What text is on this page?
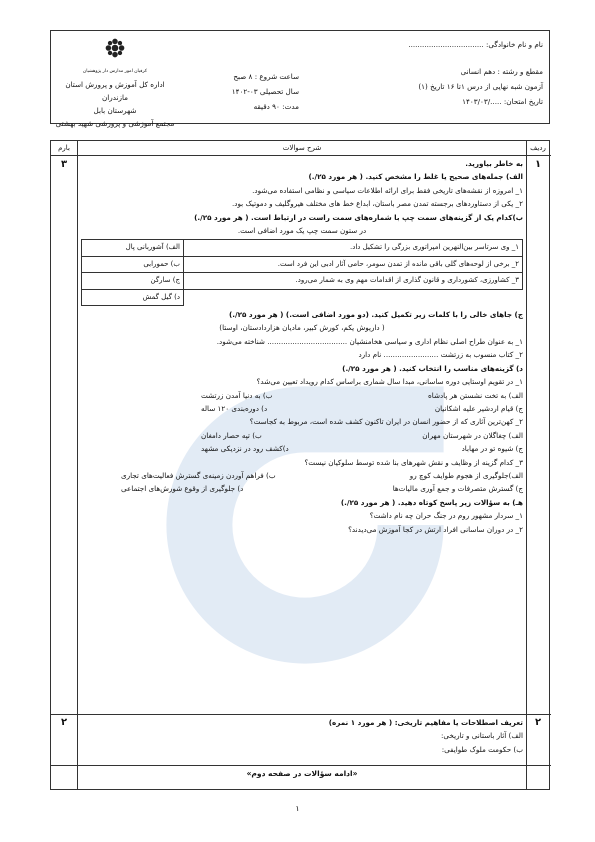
نام و نام خانوادگی: .................................
مقطع و رشته : دهم انسانی
آزمون شبه نهایی از درس ۱تا ۱۶ تاریخ (۱)
تاریخ امتحان: ...../۱۴۰۳/۰۳
ساعت شروع : ۸ صبح
سال تحصیلی ۰۳-۱۴۰۲
مدت: ۹۰ دقیقه
کرفیان امور مدارس دار پژوهشیان
اداره کل آموزش و پرورش استان مازندران
شهرستان بابل
مجتمع آموزشی و پرورشی شهید بهشتی
ردیف
شرح سوالات
بارم
۱
۳	به خاطر بیاورید.
الف) جمله‌های صحیح یا غلط را مشخص کنید. ( هر مورد ۲۵/.)
۱_ امروزه از نقشه‌های تاریخی فقط برای ارائه اطلاعات سیاسی و نظامی استفاده می‌شود.
۲_ یکی از دستاوردهای برجسته تمدن مصر باستان، ابداع خط های مختلف هیروگلیف و دموتیک بود.
ب)کدام یک از گزینه‌های سمت چپ با شماره‌های سمت راست در ارتباط است. ( هر مورد ۲۵/.)
در ستون سمت چپ یک مورد اضافی است.
۱_ وی سرتاسر بین‌النهرین امپراتوری بزرگی را تشکیل داد.	الف) آشوربانی پال
۲_ برخی از لوحه‌های گلی باقی مانده از تمدن سومر، حامی آثار ادبی این فرد است.	ب) حمورابی
۳_ کشاورزی، کشورداری و قانون گذاری از اقدامات مهم وی به شمار می‌رود.	ج) سارگن
	د) گیل گمش
ج) جاهای خالی را با کلمات زیر تکمیل کنید. (دو مورد اضافی است.) ( هر مورد ۲۵/.)
( داریوش یکم، کورش کبیر، مادیان هزاردادستان، اوستا)
۱_ به عنوان طراح اصلی نظام اداری و سیاسی هخامنشیان ................................... شناخته می‌شود.
۲_ کتاب منسوب به زرتشت ........................ نام دارد
د) گزینه‌های مناسب را انتخاب کنید. ( هر مورد ۲۵/.)
۱_ در تقویم اوستایی دوره ساسانی، مبدا سال شماری براساس کدام رویداد تعیین می‌شد؟
الف) به تخت نشستن هر پادشاه
ب) به دنیا آمدن زرتشت
ج) قیام اردشیر علیه اشکانیان
د) دوره‌بندی ۱۲۰ ساله
۲_ کهن‌ترین آثاری که از حضور انسان در ایران تاکنون کشف شده است، مربوط به کجاست؟
الف) چغاگلان در شهرستان مهران
ب) تپه حصار دامغان
ج) شیوه تو در مهاباد
د)کشف رود در نزدیکی مشهد
۳_ کدام گزینه از وظایف و نقش شهرهای بنا شده توسط سلوکیان نیست؟
الف)جلوگیری از هجوم طوایف کوچ رو
ب) فراهم آوردن زمینه‌ی گسترش فعالیت‌های تجاری
ج) گسترش متصرفات و جمع آوری مالیات‌ها
د) جلوگیری از وقوع شورش‌های اجتماعی
هـ) به سؤالات زیر پاسخ کوتاه دهید. ( هر مورد ۲۵/.)
۱_ سردار مشهور روم در جنگ حران چه نام داشت؟
۲_ در دوران ساسانی افراد ارتش در کجا آموزش می‌دیدند؟
۲
۲	تعریف اصطلاحات یا مفاهیم تاریخی: ( هر مورد ۱ نمره)
الف) آثار باستانی و تاریخی:
ب) حکومت ملوک طوایفی:
«ادامه سؤالات در صفحه دوم»
۱
